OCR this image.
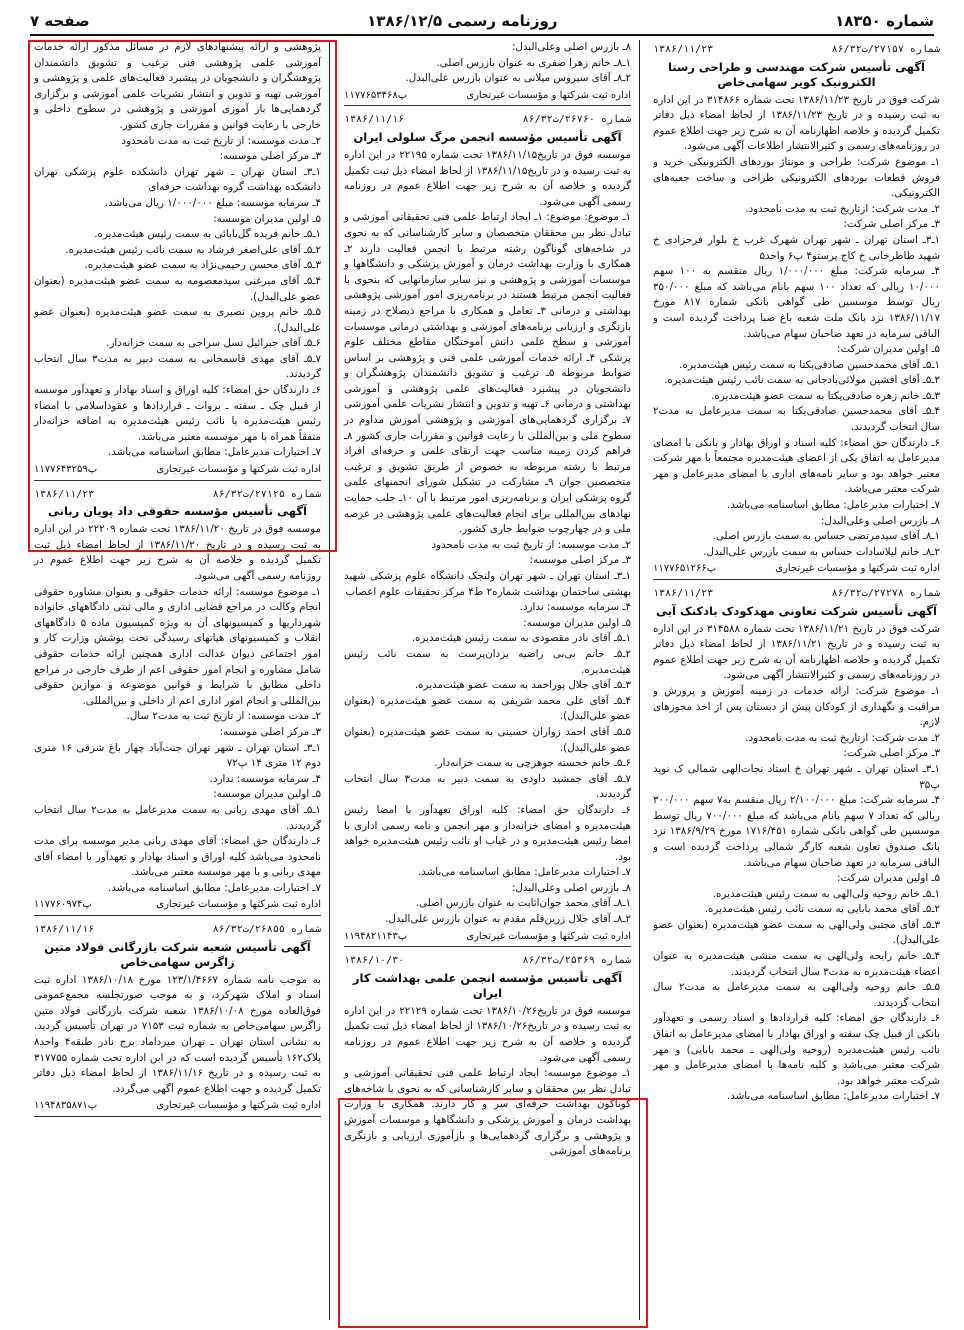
شماره ۱۸۳۵۰
روزنامه رسمی ۱۳۸۶/۱۲/۵
صفحه ۷
شماره ۲۷۱۵۷/ت۸۶/۳۲
۱۳۸۶/۱۱/۲۳
آگهی تأسیس شرکت مهندسی و طراحی رستا الکترونیک کویر سهامی‌خاص

شرکت فوق در تاریخ ۱۳۸۶/۱۱/۲۳ تحت شماره ۳۱۴۸۶۶ در این اداره به ثبت رسیده و در تاریخ ۱۳۸۶/۱۱/۲۳ از لحاظ امضاء ذیل دفاتر تکمیل گردیده و خلاصه اظهارنامه آن به شرح زیر جهت اطلاع عموم در روزنامه‌های رسمی و کثیرالانتشار اطلاعات آگهی می‌شود.

۱ـ موضوع شرکت: طراحی و مونتاژ بوردهای الکترونیکی خرید و فروش قطعات بوردهای الکترونیکی طراحی و ساخت جعبه‌های الکترونیکی.

۲ـ مدت شرکت: ازتاریخ ثبت به مدت نامحدود.

۳ـ مرکز اصلی شرکت:

۱ـ۳ـ استان تهران ـ شهر تهران شهرک غرب خ بلوار فرحزادی خ شهید طاطرخانی خ کاج پرستو۴ پ۶ واحد۵

۴ـ سرمایه شرکت: مبلغ ۱/۰۰۰/۰۰۰ ریال منقسم به ۱۰۰ سهم ۱۰/۰۰۰ ریالی که تعداد ۱۰۰ سهم بانام می‌باشد که مبلغ ۳۵۰/۰۰۰ ریال توسط موسسین طی گواهی بانکی شماره ۸۱۷ مورخ ۱۳۸۶/۱۱/۱۷ نزد بانک ملت شعبه باغ صبا پرداخت گردیده است و الباقی سرمایه در تعهد صاحبان سهام می‌باشد.

۵ـ اولین مدیران شرکت:

۱ـ۵ـ آقای محمدحسین صادقی‌یکتا به سمت رئیس هیئت‌مدیره.

۲ـ۵ـ آقای افشین مولائی‌بادجانی به سمت نائب رئیس هیئت‌مدیره.

۳ـ۵ـ خانم زهره صادقی‌یکتا به سمت عضو هیئت‌مدیره.

۴ـ۵ـ آقای محمدحسین صادقی‌یکتا به سمت مدیرعامل به مدت۲ سال انتخاب گردیدند.

۶ـ دارندگان حق امضاء: کلیه اسناد و اوراق بهادار و بانکی با امضای مدیرعامل به اتفاق یکی از اعضای هیئت‌مدیره مجتمعاً با مهر شرکت معتبر خواهد بود و سایر نامه‌های اداری با امضای مدیرعامل و مهر شرکت معتبر می‌باشد.

۷ـ اختیارات مدیرعامل: مطابق اساسنامه می‌باشد.

۸ـ بازرس اصلی وعلی‌البدل:

۱ـ۸ـ آقای سیدمرتضی حساس به سمت بازرس اصلی.

۲ـ۸ـ خانم لیلاسادات حساس به سمت بازرس علی‌البدل.

اداره ثبت شرکتها و مؤسسات غیرتجاری
پ۱۱۷۷۶۵۱۲۶۶
شماره ۲۷۲۷۸/ت۸۶/۳۲
۱۳۸۶/۱۱/۲۳
آگهی تأسیس شرکت تعاونی مهدکودک بادکنک آبی

شرکت فوق در تاریخ ۱۳۸۶/۱۱/۲۱ تحت شماره ۳۱۴۵۸۸ در این اداره به ثبت رسیده و در تاریخ ۱۳۸۶/۱۱/۲۱ از لحاظ امضاء ذیل دفاتر تکمیل گردیده و خلاصه اظهارنامه آن به شرح زیر جهت اطلاع عموم در روزنامه‌های رسمی و کثیرالانتشار آگهی می‌شود.

۱ـ موضوع شرکت: ارائه خدمات در زمینه آموزش و پرورش و مراقبت و نگهداری از کودکان پیش از دبستان پس از اخذ مجوزهای لازم.

۲ـ مدت شرکت: ازتاریخ ثبت به مدت نامحدود.

۳ـ مرکز اصلی شرکت:

۱ـ۳ـ استان تهران ـ شهر تهران خ استاد نجات‌الهی شمالی ک نوید پ۳۵

۴ـ سرمایه شرکت: مبلغ ۲/۱۰۰/۰۰۰ ریال منقسم به۷ سهم ۳۰۰/۰۰۰ ریالی که تعداد ۷ سهم بانام می‌باشد که مبلغ ۷۰۰/۰۰۰ ریال توسط موسسین طی گواهی بانکی شماره ۱۷۱۶/۴۵۱ مورخ ۱۳۸۶/۹/۲۹ نزد بانک صندوق تعاون شعبه کارگر شمالی پرداخت گردیده است و الباقی سرمایه در تعهد صاحبان سهام می‌باشد.

۵ـ اولین مدیران شرکت:

۱ـ۵ـ خانم روحیه ولی‌الهی به سمت رئیس هیئت‌مدیره.

۲ـ۵ـ آقای محمد بابایی به سمت نائب رئیس هیئت‌مدیره.

۳ـ۵ـ آقای مجتبی ولی‌الهی به سمت عضو هیئت‌مدیره (بعنوان عضو علی‌البدل).

۴ـ۵ـ خانم رایحه ولی‌الهی به سمت منشی هیئت‌مدیره به عنوان اعضاء هیئت‌مدیره به مدت۳ سال انتخاب گردیدند.

۵ـ۵ـ خانم روحیه ولی‌الهی به سمت مدیرعامل به مدت۲ سال انتخاب گردیدند.

۶ـ دارندگان حق امضاء: کلیه قراردادها و اسناد رسمی و تعهدآور بانکی از قبیل چک سفته و اوراق بهادار با امضای مدیرعامل به اتفاق نائب رئیس هیئت‌مدیره (روحیه ولی‌الهی ـ محمد بابایی) و مهر شرکت معتبر می‌باشد و کلیه نامه‌ها با امضای مدیرعامل و مهر شرکت معتبر خواهد بود.

۷ـ اختیارات مدیرعامل: مطابق اساسنامه می‌باشد.

۸ـ بازرس اصلی وعلی‌البدل:

۱ـ۸ـ خانم زهرا صفری به عنوان بازرس اصلی.

۲ـ۸ـ آقای سیروس میلانی به عنوان بازرس علی‌البدل.

اداره ثبت شرکتها و مؤسسات غیرتجاری
پ۱۱۷۷۶۵۳۴۶۸
شماره ۲۶۷۶۰/ت۸۶/۳۲
۱۳۸۶/۱۱/۱۶
آگهی تأسیس مؤسسه انجمن مرگ سلولی ایران

موسسه فوق در تاریخ۱۳۸۶/۱۱/۱۵ تحت شماره ۲۲۱۹۵ در این اداره به ثبت رسیده و در تاریخ۱۳۸۶/۱۱/۱۵ از لحاظ امضاء ذیل ثبت تکمیل گردیده و خلاصه آن به شرح زیر جهت اطلاع عموم در روزنامه رسمی آگهی می‌شود.

۱ـ موضوع: موضوع: ۱ـ ایجاد ارتباط علمی فنی تحقیقاتی آموزشی و تبادل نظر بین محققان متخصصان و سایر کارشناسانی که به نحوی در شاخه‌های گوناگون رشته مرتبط با انجمن فعالیت دارند ۲ـ همکاری با وزارت بهداشت درمان و آموزش پزشکی و دانشگاهها و موسسات آموزشی و پژوهشی و نیز سایر سازمانهایی که بنحوی با فعالیت انجمن مرتبط هستند در برنامه‌ریزی امور آموزشی پژوهشی بهداشتی و درمانی ۳ـ تعامل و همکاری با مراجع ذیصلاح در زمینه بازنگری و ارزیابی برنامه‌های آموزشی و بهداشتی درمانی موسسات آموزشی و سطح علمی دانش آموختگان مقاطع مختلف علوم پزشکی ۴ـ ارائه خدمات آموزشی علمی فنی و پژوهشی بر اساس ضوابط مربوطه ۵ـ ترغیب و تشویق دانشمندان پژوهشگران و دانشجویان در پیشبرد فعالیت‌های علمی پژوهشی و آموزشی بهداشتی و درمانی ۶ـ تهیه و تدوین و انتشار نشریات علمی آموزشی ۷ـ برگزاری گردهمایی‌های آموزشی و پژوهشی آموزش مداوم در سطوح ملی و بین‌المللی با رعایت قوانین و مقررات جاری کشور ۸ـ فراهم کردن زمینه مناسب جهت ارتقای علمی و حرفه‌ای افراد مرتبط با رشته مربوطه به خصوص از طریق تشویق و ترغیب متخصصین جوان ۹ـ مشارکت در تشکیل شورای انجمنهای علمی گروه پزشکی ایران و برنامه‌ریزی امور مرتبط با آن ۱۰ـ جلب حمایت نهادهای بین‌المللی برای انجام فعالیت‌های علمی پژوهشی در عرصه ملی و در چهارچوب ضوابط جاری کشور.

۲ـ مدت موسسه: از تاریخ ثبت به مدت نامحدود

۳ـ مرکز اصلی موسسه:

۱ـ۳ـ استان تهران ـ شهر تهران ولنجک دانشگاه علوم پزشکی شهید بهشتی ساختمان بهداشت شماره۲ ط۴ مرکز تحقیقات علوم اعصاب

۴ـ سرمایه موسسه: ندارد.

۵ـ اولین مدیران موسسه:

۱ـ۵ـ آقای نادر مقصودی به سمت رئیس هیئت‌مدیره.

۲ـ۵ـ خانم بی‌بی راضیه یزدان‌پرست به سمت نائب رئیس هیئت‌مدیره.

۳ـ۵ـ آقای جلال پوراحمد به سمت عضو هیئت‌مدیره.

۴ـ۵ـ آقای علی محمد شریفی به سمت عضو هیئت‌مدیره (بعنوان عضو علی‌البدل).

۵ـ۵ـ آقای احمد زواران حسینی به سمت عضو هیئت‌مدیره (بعنوان عضو علی‌البدل).

۶ـ۵ـ خانم خجسته جوهرچی به سمت خزانه‌دار.

۷ـ۵ـ آقای جمشید داودی به سمت دبیر به مدت۳ سال انتخاب گردیدند.

۶ـ دارندگان حق امضاء: کلیه اوراق تعهدآور با امضا رئیس هیئت‌مدیره و امضای خزانه‌دار و مهر انجمن و نامه رسمی اداری با امضا رئیس هیئت‌مدیره و در غیاب او نائب رئیس هیئت‌مدیره خواهد بود.

۷ـ اختیارات مدیرعامل: مطابق اساسنامه می‌باشد.

۸ـ بازرس اصلی وعلی‌البدل:

۱ـ۸ـ آقای محمد جوان‌اثابت به عنوان بازرس اصلی.

۲ـ۸ـ آقای جلال زرین‌قلم مقدم به عنوان بازرس علی‌البدل.

اداره ثبت شرکتها و مؤسسات غیرتجاری
پ۱۱۹۴۸۲۱۱۴۳
شماره ۲۵۳۶۹/ت۸۶/۳۲
۱۳۸۶/۱۰/۳۰
آگهی تأسیس مؤسسه انجمن علمی بهداشت کار ایران

موسسه فوق در تاریخ۱۳۸۶/۱۰/۲۶ تحت شماره ۲۲۱۲۹ در این اداره به ثبت رسیده و در تاریخ۱۳۸۶/۱۰/۲۶ از لحاظ امضاء ذیل ثبت تکمیل گردیده و خلاصه آن به شرح زیر جهت اطلاع عموم در روزنامه رسمی آگهی می‌شود.

۱ـ موضوع موسسه: ایجاد ارتباط علمی فنی تحقیقاتی آموزشی و تبادل نظر بین محققان و سایر کارشناسانی که به نحوی با شاخه‌های گوناگون بهداشت حرفه‌ای سر و کار دارند. همکاری با وزارت بهداشت درمان و آموزش پزشکی و دانشگاهها و موسسات آموزش و پژوهشی و برگزاری گردهمایی‌ها و بازآموزی ارزیابی و بازنگری برنامه‌های آموزشی

پژوهشی و ارائه پیشنهادهای لازم در مسائل مذکور ارائه خدمات آموزشی علمی پژوهشی فنی ترغیب و تشویق دانشمندان پژوهشگران و دانشجویان در پیشبرد فعالیت‌های علمی و پژوهشی و آموزشی تهیه و تدوین و انتشار نشریات علمی آموزشی و برگزاری گردهمایی‌ها باز آموزی آموزشی و پژوهشی در سطوح داخلی و خارجی با رعایت قوانین و مقررات جاری کشور.

۲ـ مدت موسسه: از تاریخ ثبت به مدت نامحدود

۳ـ مرکز اصلی موسسه:

۱ـ۳ـ استان تهران ـ شهر تهران دانشکده علوم پزشکی تهران دانشکده بهداشت گروه بهداشت حرفه‌ای

۴ـ سرمایه موسسه: مبلغ ۱/۰۰۰/۰۰۰ ریال می‌باشد.

۵ـ اولین مدیران موسسه:

۱ـ۵ـ خانم فریده گل‌بابائی به سمت رئیس هیئت‌مدیره.

۲ـ۵ـ آقای علی‌اصغر فرشاد به سمت نائب رئیس هیئت‌مدیره.

۳ـ۵ـ آقای محسن رحیمی‌نژاد به سمت عضو هیئت‌مدیره.

۴ـ۵ـ آقای میرغنی سیدمعصومه به سمت عضو هیئت‌مدیره (بعنوان عضو علی‌البدل).

۵ـ۵ـ خانم پروین نصیری به سمت عضو هیئت‌مدیره (بعنوان عضو علی‌البدل).

۶ـ۵ـ آقای جبرائیل نسل سراجی به سمت خزانه‌دار.

۷ـ۵ـ آقای مهدی قاسمخانی به سمت دبیر به مدت۳ سال انتخاب گردیدند.

۶ـ دارندگان حق امضاء: کلیه اوراق و اسناد بهادار و تعهدآور موسسه از قبیل چک ـ سفته ـ بروات ـ قراردادها و عقوداسلامی با امضاء رئیس هیئت‌مدیره یا نائب رئیس هیئت‌مدیره به اضافه خزانه‌دار متفقاً همراه با مهر موسسه معتبر می‌باشد.

۷ـ اختیارات مدیرعامل: مطابق اساسنامه می‌باشد.

اداره ثبت شرکتها و مؤسسات غیرتجاری
پ۱۱۷۷۶۴۳۲۵۹
شماره ۲۷۱۲۵/ت۸۶/۳۲
۱۳۸۶/۱۱/۲۳
آگهی تأسیس مؤسسه حقوقی داد پویان ربانی

موسسه فوق در تاریخ ۱۳۸۶/۱۱/۲۰ تحت شماره ۲۲۲۰۹ در این اداره به ثبت رسیده و در تاریخ ۱۳۸۶/۱۱/۲۰ از لحاظ امضاء ذیل ثبت تکمیل گردیده و خلاصه آن به شرح زیر جهت اطلاع عموم در روزنامه رسمی آگهی می‌شود.

۱ـ موضوع موسسه: ارائه خدمات حقوقی و بعنوان مشاوره حقوقی انجام وکالت در مراجع قضایی اداری و مالی ثبتی دادگاههای خانواده شهرداریها و کمیسیونهای آن به ویژه کمیسیون ماده ۵ دادگاههای انقلاب و کمیسیونهای هیاتهای رسیدگی تحت پوشش وزارت کار و امور اجتماعی دیوان عدالت اداری همچنین ارائه خدمات حقوقی شامل مشاوره و انجام امور حقوقی اعم از طرف خارجی در مراجع داخلی مطابق با شرایط و قوانین موضوعه و موازین حقوقی بین‌المللی و انجام امور اداری اعم از داخلی و بین‌المللی.

۲ـ مدت موسسه: از تاریخ ثبت به مدت۲ سال.

۳ـ مرکز اصلی موسسه:

۱ـ۳ـ استان تهران ـ شهر تهران جنت‌آباد چهار باغ شرقی ۱۶ متری دوم ۱۲ متری ۱۴ پ۷۲

۴ـ سرمایه موسسه: ندارد.

۵ـ اولین مدیران موسسه:

۱ـ۵ـ آقای مهدی ربانی به سمت مدیرعامل به مدت۲ سال انتخاب گردیدند.

۶ـ دارندگان حق امضاء: آقای مهدی ربانی مدیر موسسه برای مدت نامحدود می‌باشد کلیه اوراق و اسناد بهادار و تعهدآور با امضاء آقای مهدی ربانی و با مهر موسسه معتبر می‌باشد.

۷ـ اختیارات مدیرعامل: مطابق اساسنامه می‌باشد.

اداره ثبت شرکتها و مؤسسات غیرتجاری
پ۱۱۷۷۶۰۹۷۴
شماره ۲۶۸۵۵/ت۸۶/۳۲
۱۳۸۶/۱۱/۱۶
آگهی تأسیس شعبه شرکت بازرگانی فولاد متین زاگرس سهامی‌خاص

به موجب نامه شماره ۱۲۳/۱/۴۶۶۷ مورخ ۱۳۸۶/۱۰/۱۸ اداره ثبت اسناد و املاک شهرکرد، و به موجب صورتجلسه مجمع‌عمومی فوق‌العاده مورخ ۱۳۸۶/۱۰/۰۸ شعبه شرکت بازرگانی فولاد متین زاگرس سهامی‌خاص به شماره ثبت ۷۱۵۳ در تهران تأسیس گردید. به نشانی استان تهران ـ تهران میرداماد برج نادر طبقه۴ واحد۸ پلاک۱۶۲ تأسیس گردیده است که در این اداره تحت شماره ۳۱۷۷۵۵ به ثبت رسیده و در تاریخ ۱۳۸۶/۱۱/۱۶ از لحاظ امضاء ذیل دفاتر تکمیل گردیده و جهت اطلاع عموم آگهی می‌گردد.

اداره ثبت شرکتها و مؤسسات غیرتجاری
پ۱۱۹۴۸۳۵۸۷۱
